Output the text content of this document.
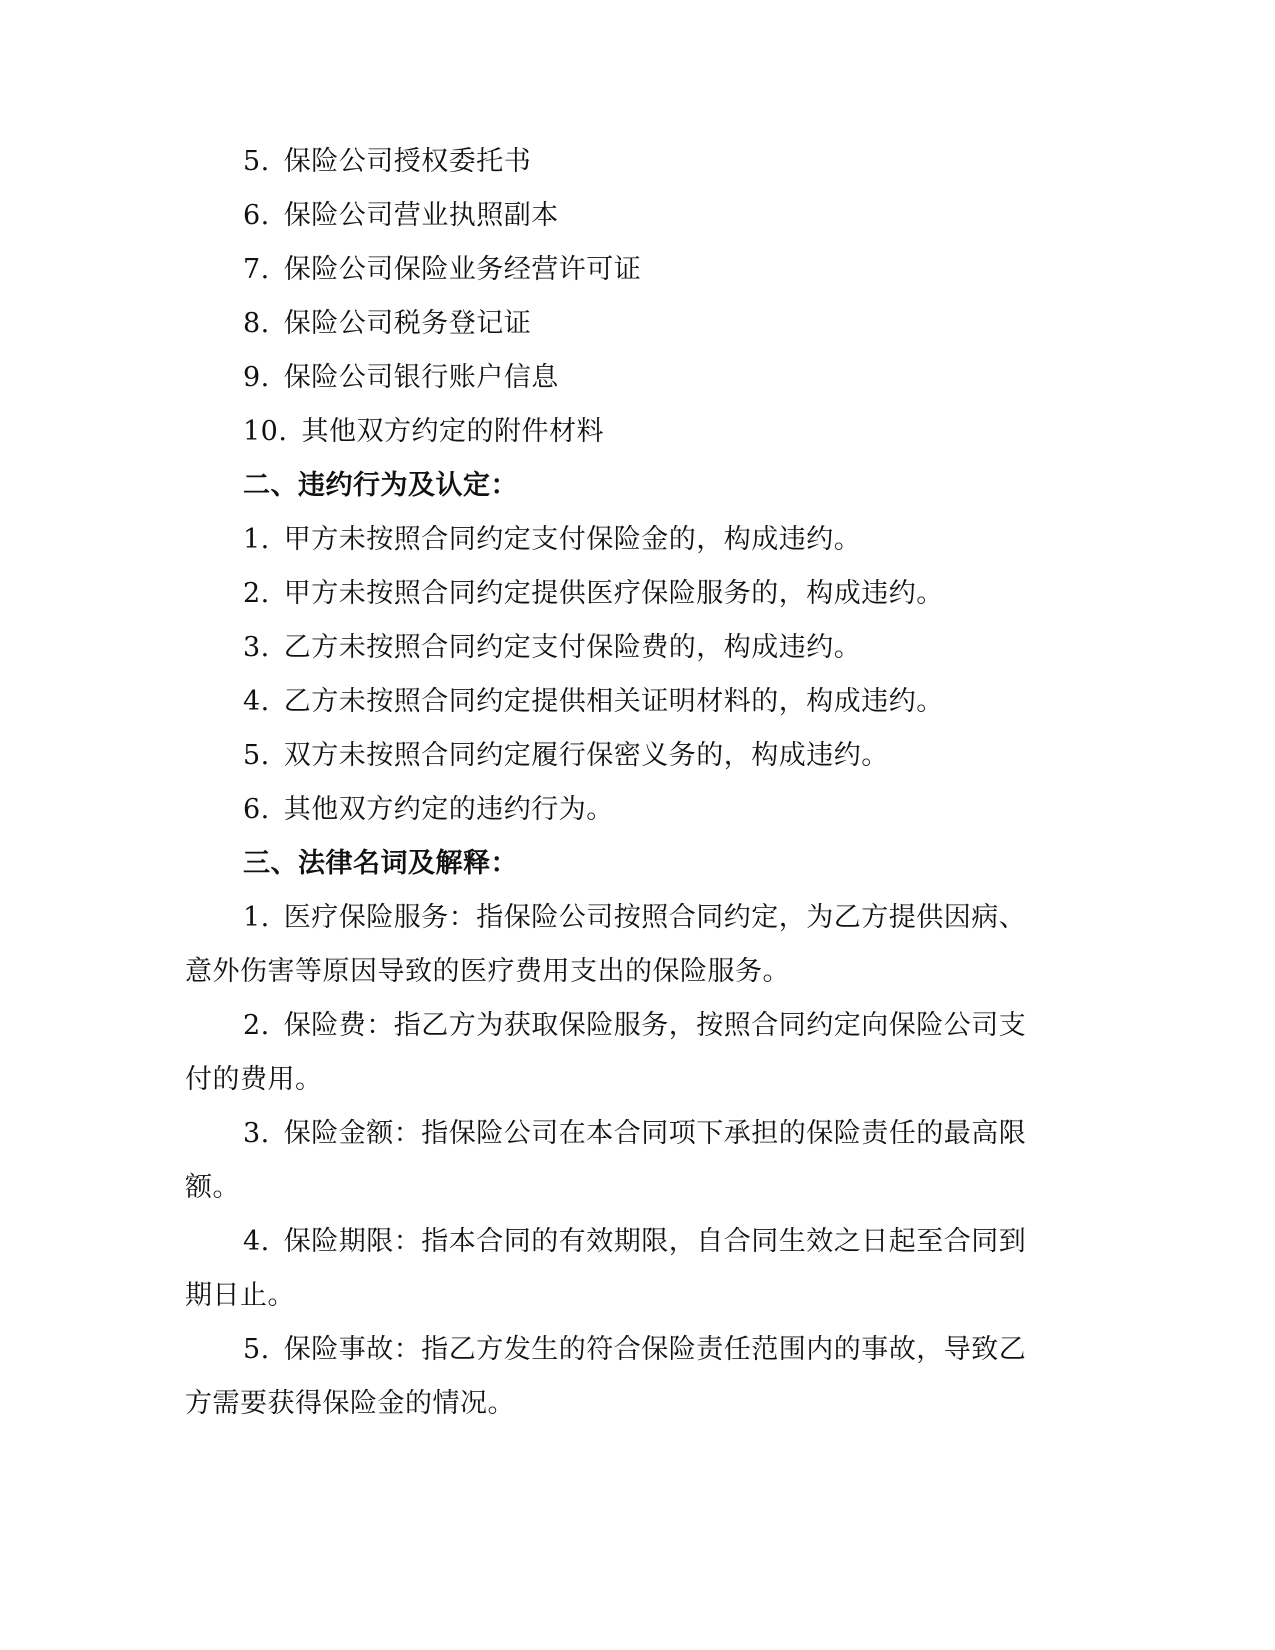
5. 保险公司授权委托书
6. 保险公司营业执照副本
7. 保险公司保险业务经营许可证
8. 保险公司税务登记证
9. 保险公司银行账户信息
10. 其他双方约定的附件材料
二、违约行为及认定：
1. 甲方未按照合同约定支付保险金的，构成违约。
2. 甲方未按照合同约定提供医疗保险服务的，构成违约。
3. 乙方未按照合同约定支付保险费的，构成违约。
4. 乙方未按照合同约定提供相关证明材料的，构成违约。
5. 双方未按照合同约定履行保密义务的，构成违约。
6. 其他双方约定的违约行为。
三、法律名词及解释：
1. 医疗保险服务：指保险公司按照合同约定，为乙方提供因病、
意外伤害等原因导致的医疗费用支出的保险服务。
2. 保险费：指乙方为获取保险服务，按照合同约定向保险公司支
付的费用。
3. 保险金额：指保险公司在本合同项下承担的保险责任的最高限
额。
4. 保险期限：指本合同的有效期限，自合同生效之日起至合同到
期日止。
5. 保险事故：指乙方发生的符合保险责任范围内的事故，导致乙
方需要获得保险金的情况。
